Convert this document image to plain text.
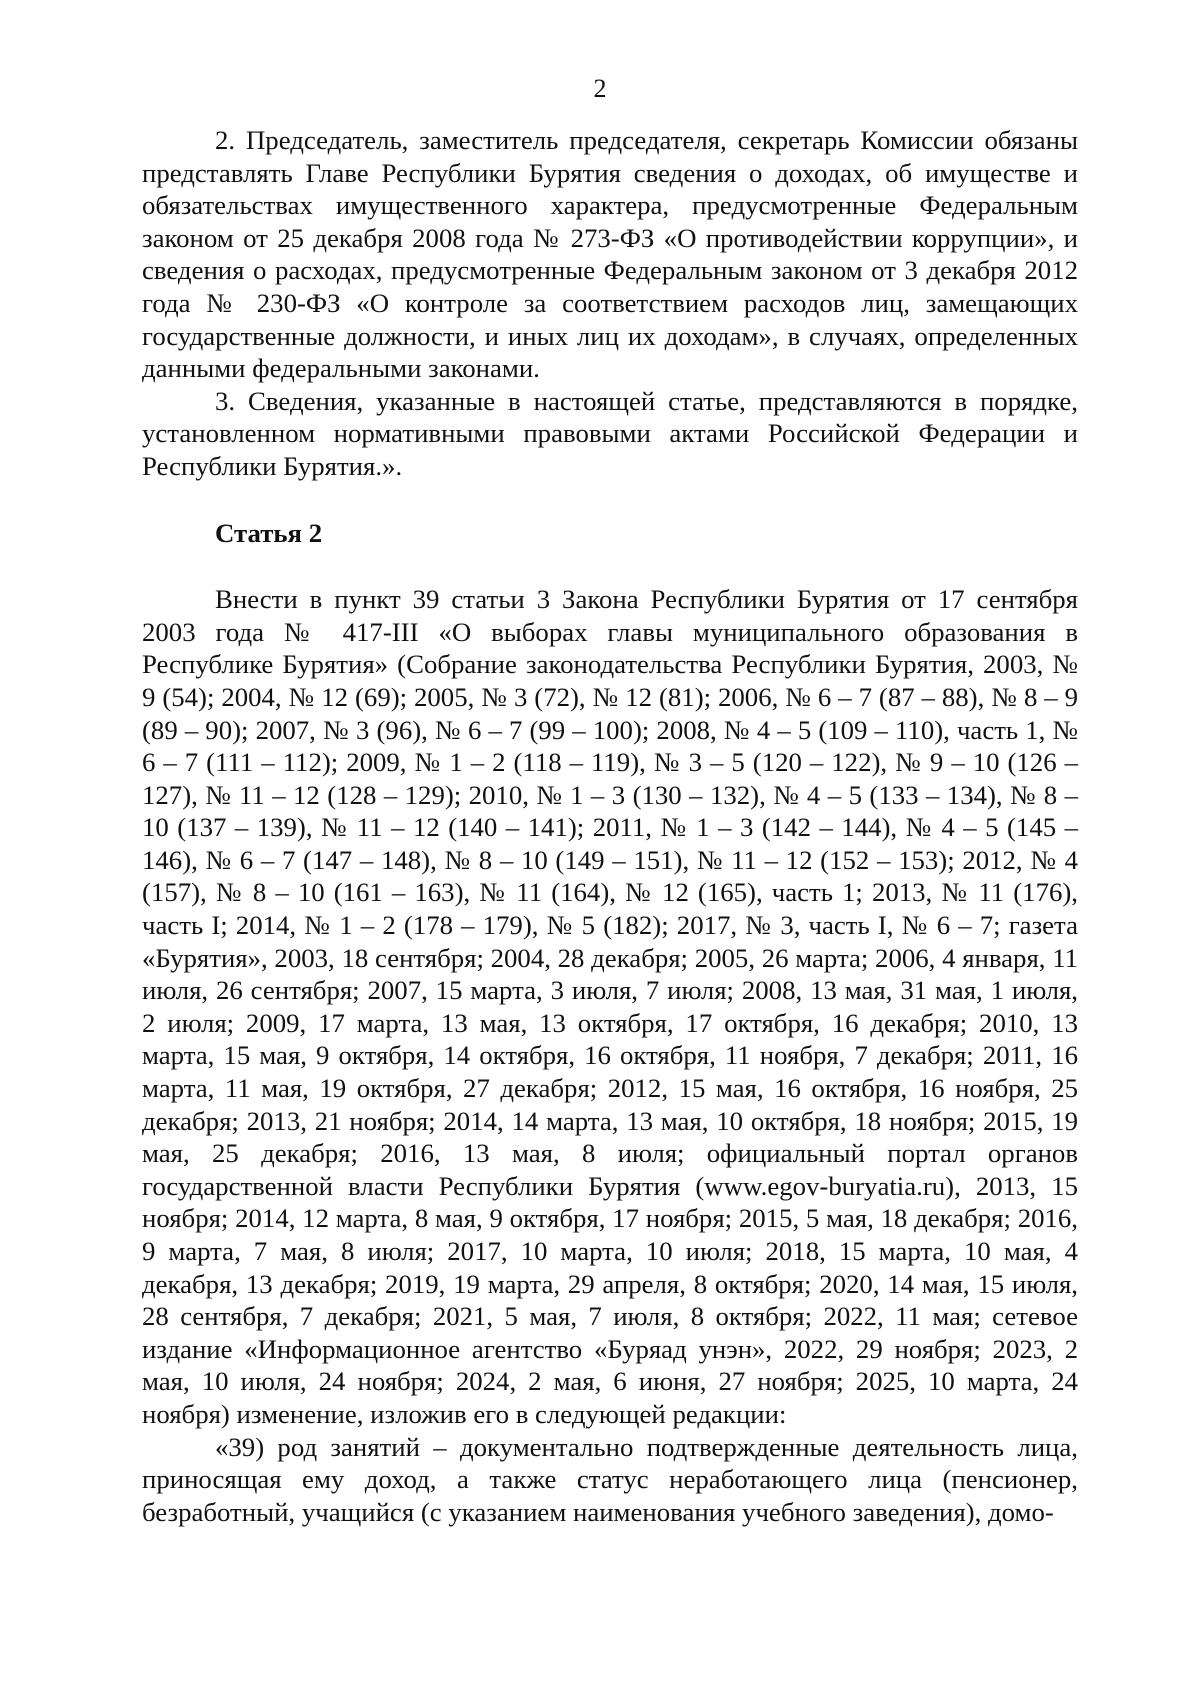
2

2. Председатель, заместитель председателя, секретарь Комиссии обязаны представлять Главе Республики Бурятия сведения о доходах, об имуществе и обязательствах имущественного характера, предусмотренные Федеральным законом от 25 декабря 2008 года № 273-ФЗ «О противодействии коррупции», и сведения о расходах, предусмотренные Федеральным законом от 3 декабря 2012 года № 230-ФЗ «О контроле за соответствием расходов лиц, замещающих государственные должности, и иных лиц их доходам», в случаях, определенных данными федеральными законами.

3. Сведения, указанные в настоящей статье, представляются в порядке, установленном нормативными правовыми актами Российской Федерации и Республики Бурятия.».

Статья 2

Внести в пункт 39 статьи 3 Закона Республики Бурятия от 17 сентября 2003 года № 417-III «О выборах главы муниципального образования в Республике Бурятия» (Собрание законодательства Республики Бурятия, 2003, № 9 (54); 2004, № 12 (69); 2005, № 3 (72), № 12 (81); 2006, № 6 – 7 (87 – 88), № 8 – 9 (89 – 90); 2007, № 3 (96), № 6 – 7 (99 – 100); 2008, № 4 – 5 (109 – 110), часть 1, № 6 – 7 (111 – 112); 2009, № 1 – 2 (118 – 119), № 3 – 5 (120 – 122), № 9 – 10 (126 – 127), № 11 – 12 (128 – 129); 2010, № 1 – 3 (130 – 132), № 4 – 5 (133 – 134), № 8 – 10 (137 – 139), № 11 – 12 (140 – 141); 2011, № 1 – 3 (142 – 144), № 4 – 5 (145 – 146), № 6 – 7 (147 – 148), № 8 – 10 (149 – 151), № 11 – 12 (152 – 153); 2012, № 4 (157), № 8 – 10 (161 – 163), № 11 (164), № 12 (165), часть 1; 2013, № 11 (176), часть I; 2014, № 1 – 2 (178 – 179), № 5 (182); 2017, № 3, часть I, № 6 – 7; газета «Бурятия», 2003, 18 сентября; 2004, 28 декабря; 2005, 26 марта; 2006, 4 января, 11 июля, 26 сентября; 2007, 15 марта, 3 июля, 7 июля; 2008, 13 мая, 31 мая, 1 июля, 2 июля; 2009, 17 марта, 13 мая, 13 октября, 17 октября, 16 декабря; 2010, 13 марта, 15 мая, 9 октября, 14 октября, 16 октября, 11 ноября, 7 декабря; 2011, 16 марта, 11 мая, 19 октября, 27 декабря; 2012, 15 мая, 16 октября, 16 ноября, 25 декабря; 2013, 21 ноября; 2014, 14 марта, 13 мая, 10 октября, 18 ноября; 2015, 19 мая, 25 декабря; 2016, 13 мая, 8 июля; официальный портал органов государственной власти Республики Бурятия (www.egov-buryatia.ru), 2013, 15 ноября; 2014, 12 марта, 8 мая, 9 октября, 17 ноября; 2015, 5 мая, 18 декабря; 2016, 9 марта, 7 мая, 8 июля; 2017, 10 марта, 10 июля; 2018, 15 марта, 10 мая, 4 декабря, 13 декабря; 2019, 19 марта, 29 апреля, 8 октября; 2020, 14 мая, 15 июля, 28 сентября, 7 декабря; 2021, 5 мая, 7 июля, 8 октября; 2022, 11 мая; сетевое издание «Информационное агентство «Буряад унэн», 2022, 29 ноября; 2023, 2 мая, 10 июля, 24 ноября; 2024, 2 мая, 6 июня, 27 ноября; 2025, 10 марта, 24 ноября) изменение, изложив его в следующей редакции:

«39) род занятий – документально подтвержденные деятельность лица, приносящая ему доход, а также статус неработающего лица (пенсионер, безработный, учащийся (с указанием наименования учебного заведения), домо-
